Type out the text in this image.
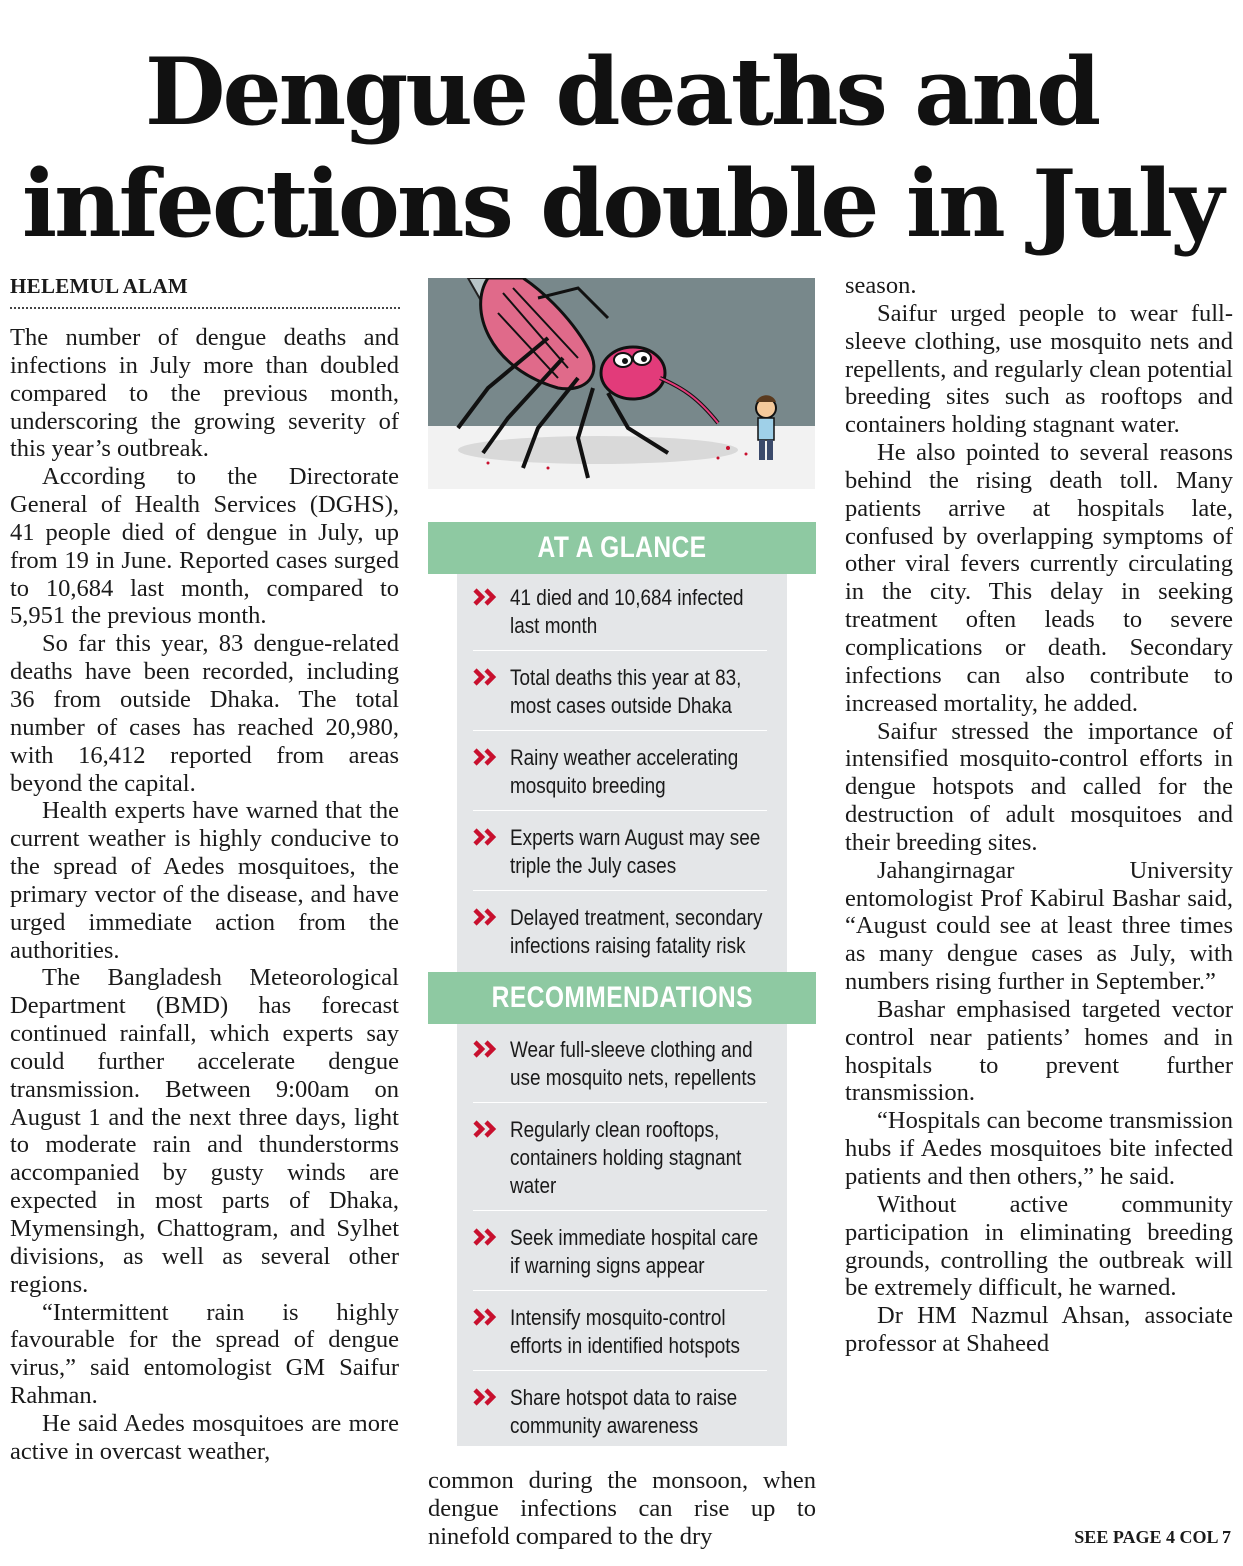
Dengue deaths and
infections double in July
HELEMUL ALAM

The number of dengue deaths and infections in July more than doubled compared to the previous month, underscoring the growing severity of this year’s outbreak.

According to the Directorate General of Health Services (DGHS), 41 people died of dengue in July, up from 19 in June. Reported cases surged to 10,684 last month, compared to 5,951 the previous month.

So far this year, 83 dengue-related deaths have been recorded, including 36 from outside Dhaka. The total number of cases has reached 20,980, with 16,412 reported from areas beyond the capital.

Health experts have warned that the current weather is highly conducive to the spread of Aedes mosquitoes, the primary vector of the disease, and have urged immediate action from the authorities.

The Bangladesh Meteorological Department (BMD) has forecast continued rainfall, which experts say could further accelerate dengue transmission. Between 9:00am on August 1 and the next three days, light to moderate rain and thunderstorms accompanied by gusty winds are expected in most parts of Dhaka, Mymensingh, Chattogram, and Sylhet divisions, as well as several other regions.

“Intermittent rain is highly favourable for the spread of dengue virus,” said entomologist GM Saifur Rahman.

He said Aedes mosquitoes are more active in overcast weather,

AT A GLANCE
41 died and 10,684 infected last month
Total deaths this year at 83, most cases outside Dhaka
Rainy weather accelerating mosquito breeding
Experts warn August may see triple the July cases
Delayed treatment, secondary infections raising fatality risk
RECOMMENDATIONS
Wear full-sleeve clothing and use mosquito nets, repellents
Regularly clean rooftops, containers holding stagnant water
Seek immediate hospital care if warning signs appear
Intensify mosquito-control efforts in identified hotspots
Share hotspot data to raise community awareness

common during the monsoon, when dengue infections can rise up to ninefold compared to the dry

season.

Saifur urged people to wear full-sleeve clothing, use mosquito nets and repellents, and regularly clean potential breeding sites such as rooftops and containers holding stagnant water.

He also pointed to several reasons behind the rising death toll. Many patients arrive at hospitals late, confused by overlapping symptoms of other viral fevers currently circulating in the city. This delay in seeking treatment often leads to severe complications or death. Secondary infections can also contribute to increased mortality, he added.

Saifur stressed the importance of intensified mosquito-control efforts in dengue hotspots and called for the destruction of adult mosquitoes and their breeding sites.

Jahangirnagar University entomologist Prof Kabirul Bashar said, “August could see at least three times as many dengue cases as July, with numbers rising further in September.”

Bashar emphasised targeted vector control near patients’ homes and in hospitals to prevent further transmission.

“Hospitals can become transmission hubs if Aedes mosquitoes bite infected patients and then others,” he said.

Without active community participation in eliminating breeding grounds, controlling the outbreak will be extremely difficult, he warned.

Dr HM Nazmul Ahsan, associate professor at Shaheed

SEE PAGE 4 COL 7
